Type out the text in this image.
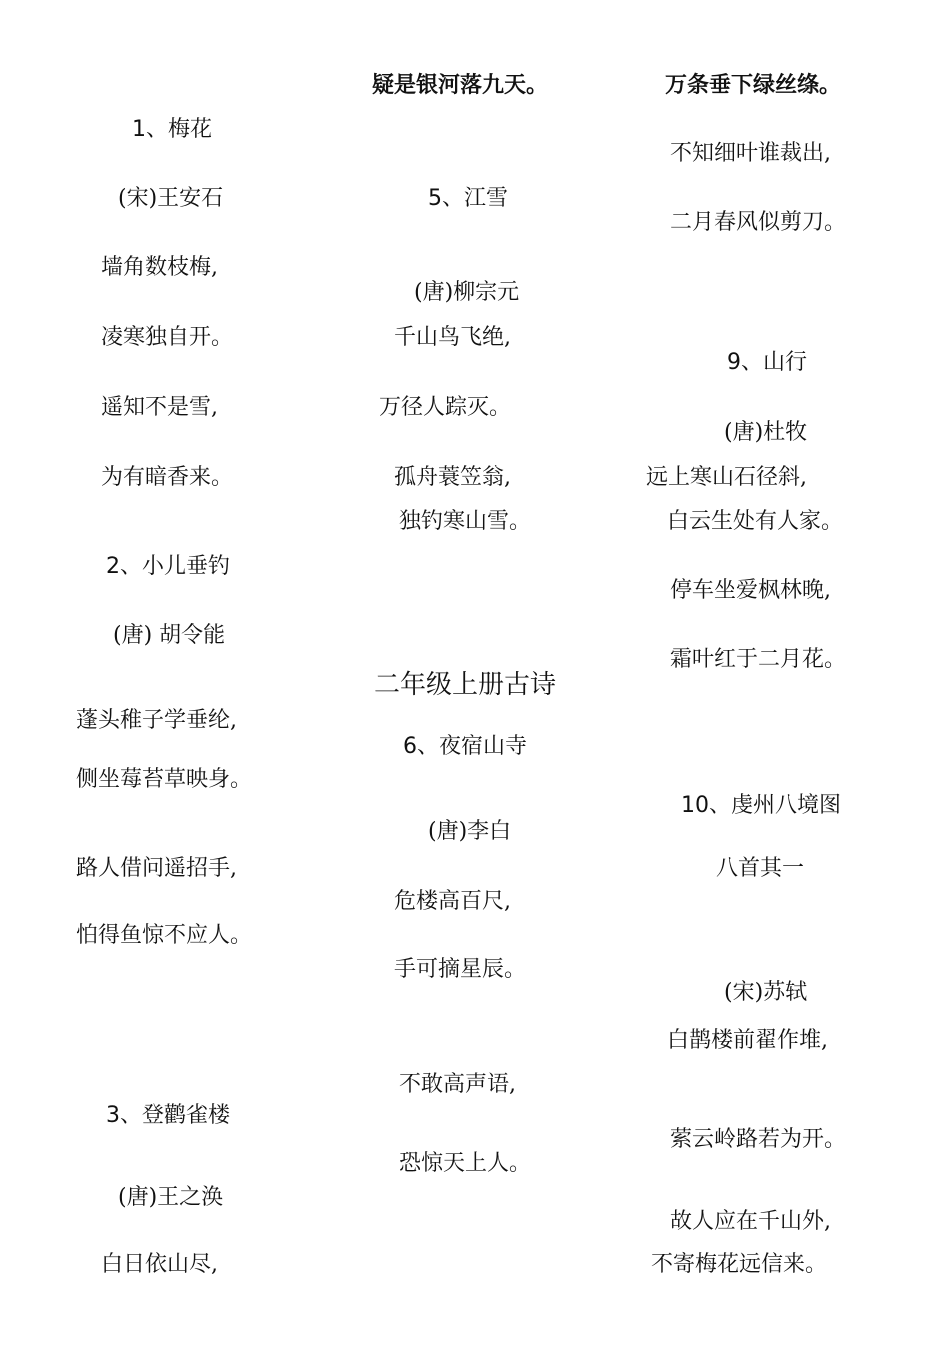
疑是银河落九天。	万条垂下绿丝绦。
1、梅花
(宋)王安石
墙角数枝梅,
凌寒独自开。
遥知不是雪,
为有暗香来。
2、小儿垂钓
(唐) 胡令能
蓬头稚子学垂纶,
侧坐莓苔草映身。
路人借问遥招手,
怕得鱼惊不应人。
3、登鹳雀楼
(唐)王之涣
白日依山尽,
5、江雪
(唐)柳宗元
千山鸟飞绝,
万径人踪灭。
孤舟蓑笠翁,
独钓寒山雪。
二年级上册古诗
6、夜宿山寺
(唐)李白
危楼高百尺,
手可摘星辰。
不敢高声语,
恐惊天上人。
不知细叶谁裁出,
二月春风似剪刀。
9、山行
(唐)杜牧
远上寒山石径斜,
白云生处有人家。
停车坐爱枫林晚,
霜叶红于二月花。
10、虔州八境图
八首其一
(宋)苏轼
白鹊楼前翟作堆,
萦云岭路若为开。
故人应在千山外,
不寄梅花远信来。
